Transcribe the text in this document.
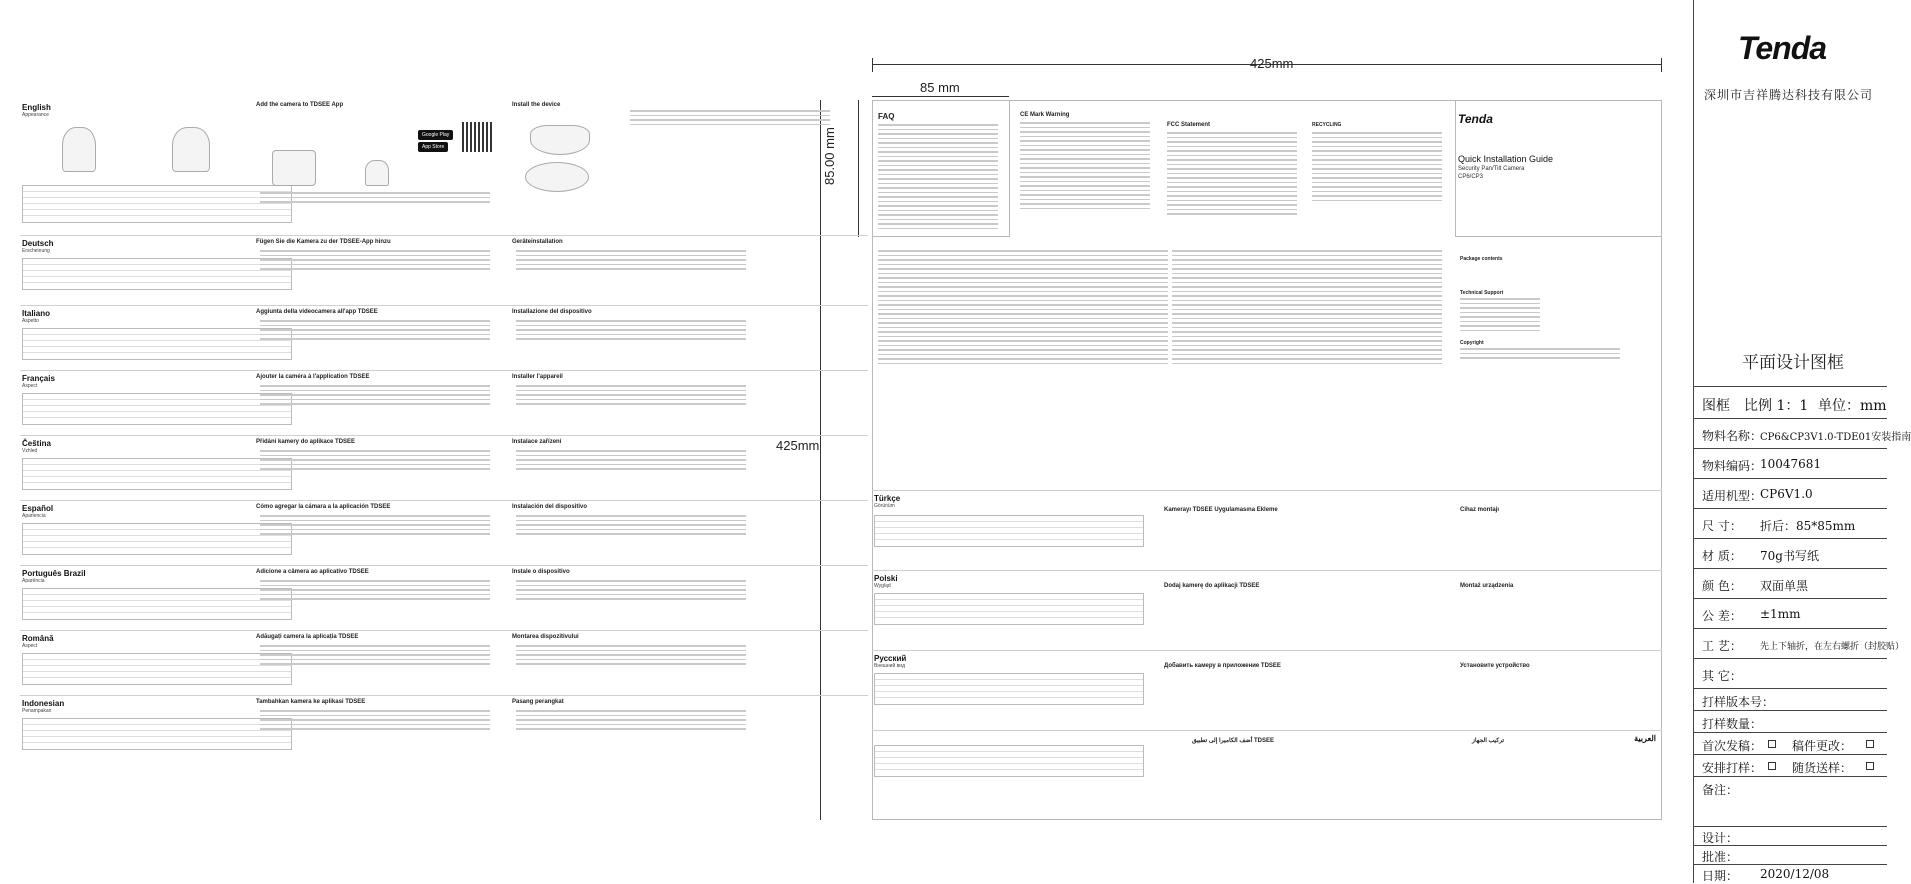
425mm
85 mm
85.00 mm
425mm
English
Appearance
Add the camera to TDSEE App
Google Play
App Store
Install the device
Deutsch
Erscheinung
Fügen Sie die Kamera zu der TDSEE-App hinzu	Geräteinstallation
Italiano
Aspetto
Aggiunta della videocamera all'app TDSEE	Installazione del dispositivo
Français
Aspect
Ajouter la caméra à l'application TDSEE	Installer l'appareil
Čeština
Vzhled
Přidání kamery do aplikace TDSEE	Instalace zařízení
Español
Apariencia
Cómo agregar la cámara a la aplicación TDSEE	Instalación del dispositivo
Português Brazil
Aparência
Adicione a câmera ao aplicativo TDSEE	Instale o dispositivo
Română
Aspect
Adăugați camera la aplicația TDSEE	Montarea dispozitivului
Indonesian
Penampakan
Tambahkan kamera ke aplikasi TDSEE	Pasang perangkat
FAQ	CE Mark Warning
FCC Statement	RECYCLING	Tenda
Quick Installation Guide
Security Pan/Tilt Camera
CP6/CP3
Package contents
Technical Support
Copyright
Türkçe
Görünüm
Kamerayı TDSEE Uygulamasına Ekleme	Cihaz montajı
Polski
Wygląd	Dodaj kamerę do aplikacji TDSEE	Montaż urządzenia
Русский
Внешний вид	Добавить камеру в приложение TDSEE	Установите устройство
العربية
أضف الكاميرا إلى تطبيق TDSEE	تركيب الجهاز
Tenda
深圳市吉祥腾达科技有限公司
平面设计图框
图框 比例 1：1 单位：mm
物料名称：
CP6&CP3V1.0-TDE01安装指南
物料编码：
10047681
适用机型：
CP6V1.0
尺 寸： 折后：85*85mm
材 质： 70g书写纸
颜 色： 双面单黑
公 差： ±1mm
工 艺： 先上下轴折，在左右螺折（封胶贴）
其 它：
打样版本号：
打样数量：
首次发稿： 稿件更改：
安排打样： 随货送样：
备注：
设计：
批准：
日期： 2020/12/08
